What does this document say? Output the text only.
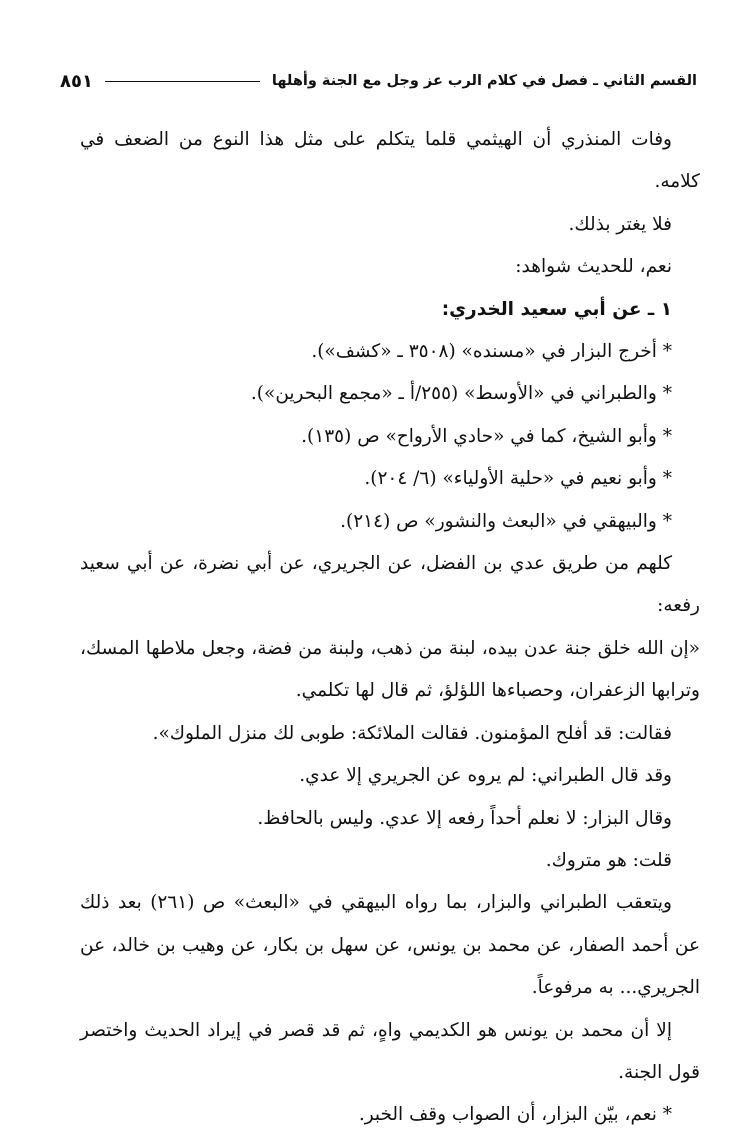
القسم الثاني ـ فصل في كلام الرب عز وجل مع الجنة وأهلها
٨٥١

وفات المنذري أن الهيثمي قلما يتكلم على مثل هذا النوع من الضعف في كلامه.

فلا يغتر بذلك.

نعم، للحديث شواهد:

١ ـ عن أبي سعيد الخدري:

* أخرج البزار في «مسنده» (٣٥٠٨ ـ «كشف»).

* والطبراني في «الأوسط» (٢٥٥/أ ـ «مجمع البحرين»).

* وأبو الشيخ، كما في «حادي الأرواح» ص (١٣٥).

* وأبو نعيم في «حلية الأولياء» (٦/ ٢٠٤).

* والبيهقي في «البعث والنشور» ص (٢١٤).

كلهم من طريق عدي بن الفضل، عن الجريري، عن أبي نضرة، عن أبي سعيد رفعه:

«إن الله خلق جنة عدن بيده، لبنة من ذهب، ولبنة من فضة، وجعل ملاطها المسك، وترابها الزعفران، وحصباءها اللؤلؤ، ثم قال لها تكلمي.

فقالت: قد أفلح المؤمنون. فقالت الملائكة: طوبى لك منزل الملوك».

وقد قال الطبراني: لم يروه عن الجريري إلا عدي.

وقال البزار: لا نعلم أحداً رفعه إلا عدي. وليس بالحافظ.

قلت: هو متروك.

ويتعقب الطبراني والبزار، بما رواه البيهقي في «البعث» ص (٢٦١) بعد ذلك عن أحمد الصفار، عن محمد بن يونس، عن سهل بن بكار، عن وهيب بن خالد، عن الجريري... به مرفوعاً.

إلا أن محمد بن يونس هو الكديمي واهٍ، ثم قد قصر في إيراد الحديث واختصر قول الجنة.

* نعم، بيّن البزار، أن الصواب وقف الخبر.
